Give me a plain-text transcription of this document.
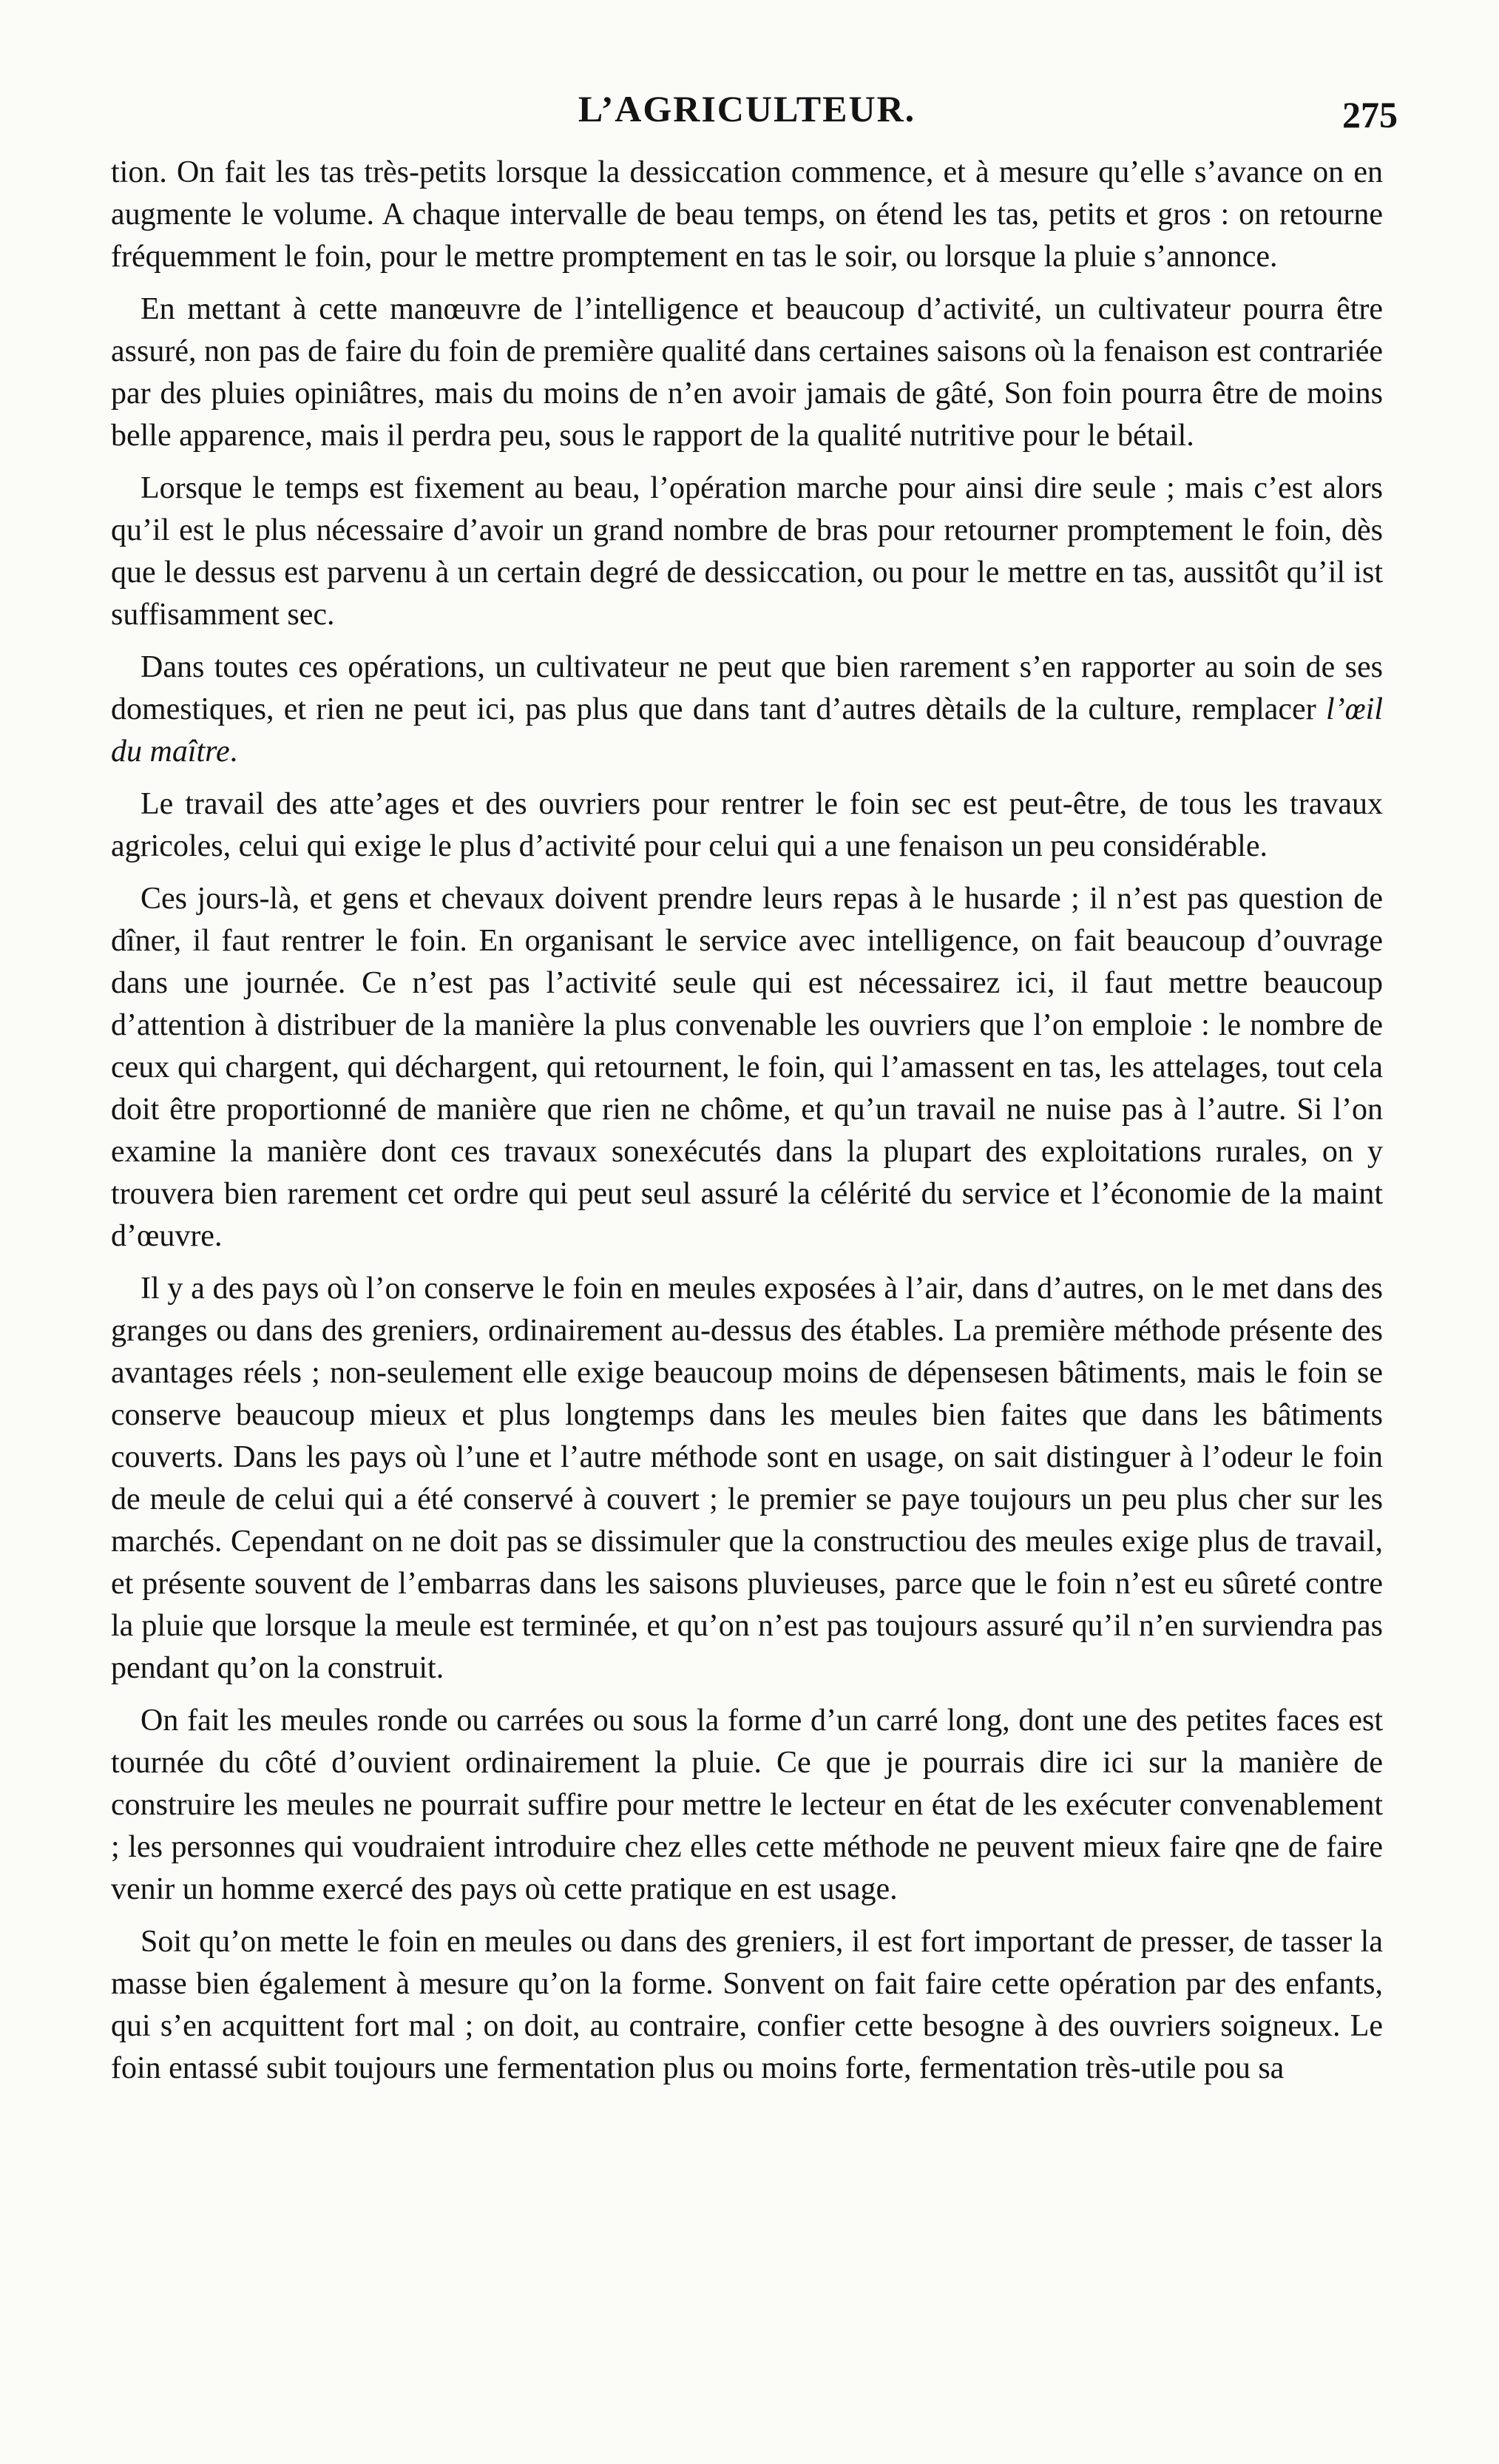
L’AGRICULTEUR.	275

tion. On fait les tas très-petits lorsque la dessiccation commence, et à mesure qu’elle s’avance on en augmente le volume. A chaque intervalle de beau temps, on étend les tas, petits et gros : on retourne fréquemment le foin, pour le mettre promptement en tas le soir, ou lorsque la pluie s’annonce.

En mettant à cette manœuvre de l’intelligence et beaucoup d’activité, un cultivateur pourra être assuré, non pas de faire du foin de première qualité dans certaines saisons où la fenaison est contrariée par des pluies opiniâtres, mais du moins de n’en avoir jamais de gâté, Son foin pourra être de moins belle apparence, mais il perdra peu, sous le rapport de la qualité nutritive pour le bétail.

Lorsque le temps est fixement au beau, l’opération marche pour ainsi dire seule ; mais c’est alors qu’il est le plus nécessaire d’avoir un grand nombre de bras pour retourner promptement le foin, dès que le dessus est parvenu à un certain degré de dessiccation, ou pour le mettre en tas, aussitôt qu’il ist suffisamment sec.

Dans toutes ces opérations, un cultivateur ne peut que bien rarement s’en rapporter au soin de ses domestiques, et rien ne peut ici, pas plus que dans tant d’autres dètails de la culture, remplacer l’œil du maître.

Le travail des atte’ages et des ouvriers pour rentrer le foin sec est peut-être, de tous les travaux agricoles, celui qui exige le plus d’activité pour celui qui a une fenaison un peu considérable.

Ces jours-là, et gens et chevaux doivent prendre leurs repas à le husarde ; il n’est pas question de dîner, il faut rentrer le foin. En organisant le service avec intelligence, on fait beaucoup d’ouvrage dans une journée. Ce n’est pas l’activité seule qui est nécessairez ici, il faut mettre beaucoup d’attention à distribuer de la manière la plus convenable les ouvriers que l’on emploie : le nombre de ceux qui chargent, qui déchargent, qui retournent, le foin, qui l’amassent en tas, les attelages, tout cela doit être proportionné de manière que rien ne chôme, et qu’un travail ne nuise pas à l’autre. Si l’on examine la manière dont ces travaux sonexécutés dans la plupart des exploitations rurales, on y trouvera bien rarement cet ordre qui peut seul assuré la célérité du service et l’économie de la maint d’œuvre.

Il y a des pays où l’on conserve le foin en meules exposées à l’air, dans d’autres, on le met dans des granges ou dans des greniers, ordinairement au-dessus des étables. La première méthode présente des avantages réels ; non-seulement elle exige beaucoup moins de dépensesen bâtiments, mais le foin se conserve beaucoup mieux et plus longtemps dans les meules bien faites que dans les bâtiments couverts. Dans les pays où l’une et l’autre méthode sont en usage, on sait distinguer à l’odeur le foin de meule de celui qui a été conservé à couvert ; le premier se paye toujours un peu plus cher sur les marchés. Cependant on ne doit pas se dissimuler que la constructiou des meules exige plus de travail, et présente souvent de l’embarras dans les saisons pluvieuses, parce que le foin n’est eu sûreté contre la pluie que lorsque la meule est terminée, et qu’on n’est pas toujours assuré qu’il n’en surviendra pas pendant qu’on la construit.

On fait les meules ronde ou carrées ou sous la forme d’un carré long, dont une des petites faces est tournée du côté d’ouvient ordinairement la pluie. Ce que je pourrais dire ici sur la manière de construire les meules ne pourrait suffire pour mettre le lecteur en état de les exécuter convenablement ; les personnes qui voudraient introduire chez elles cette méthode ne peuvent mieux faire qne de faire venir un homme exercé des pays où cette pratique en est usage.

Soit qu’on mette le foin en meules ou dans des greniers, il est fort important de presser, de tasser la masse bien également à mesure qu’on la forme. Sonvent on fait faire cette opération par des enfants, qui s’en acquittent fort mal ; on doit, au contraire, confier cette besogne à des ouvriers soigneux. Le foin entassé subit toujours une fermentation plus ou moins forte, fermentation très-utile pou sa
